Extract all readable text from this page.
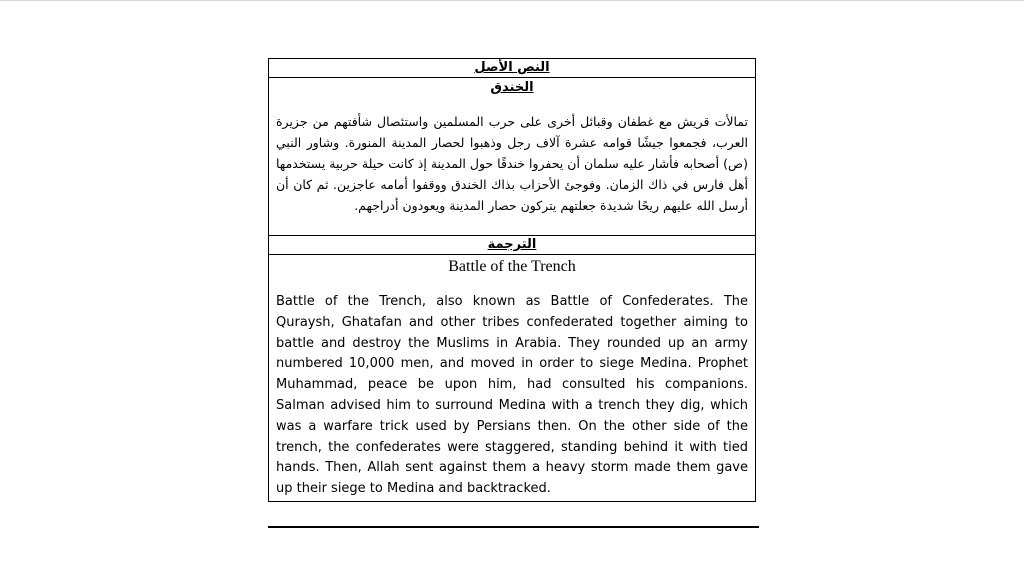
النص الأصل

الخندق
تمالأت قريش مع غطفان وقبائل أخرى على حرب المسلمين واستئصال شأفتهم من جزيرة العرب، فجمعوا جيشًا قوامه عشرة آلاف رجل وذهبوا لحصار المدينة المنورة. وشاور النبي (ص) أصحابه فأشار عليه سلمان أن يحفروا خندقًا حول المدينة إذ كانت حيلة حربية يستخدمها أهل فارس في ذاك الزمان. وفوجئ الأحزاب بذاك الخندق ووقفوا أمامه عاجزين. ثم كان أن أرسل الله عليهم ريحًا شديدة جعلتهم يتركون حصار المدينة ويعودون أدراجهم.

الترجمة

Battle of the Trench
Battle of the Trench, also known as Battle of Confederates. The Quraysh, Ghatafan and other tribes confederated together aiming to battle and destroy the Muslims in Arabia. They rounded up an army numbered 10,000 men, and moved in order to siege Medina. Prophet Muhammad, peace be upon him, had consulted his companions. Salman advised him to surround Medina with a trench they dig, which was a warfare trick used by Persians then. On the other side of the trench, the confederates were staggered, standing behind it with tied hands. Then, Allah sent against them a heavy storm made them gave up their siege to Medina and backtracked.
